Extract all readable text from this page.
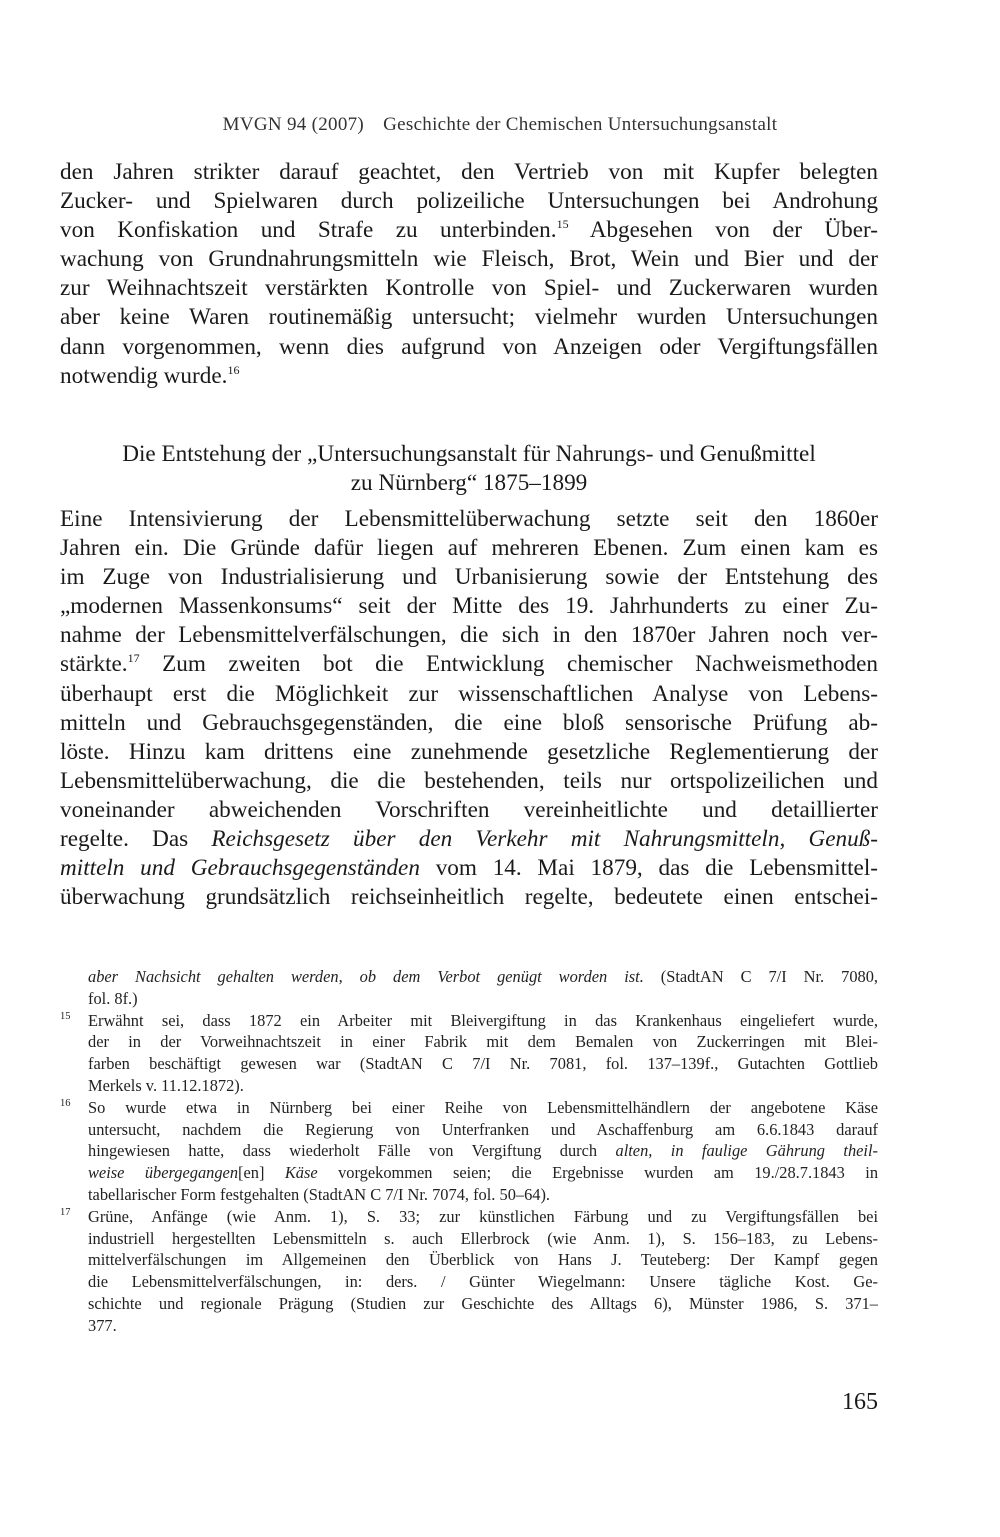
MVGN 94 (2007) Geschichte der Chemischen Untersuchungsanstalt
den Jahren strikter darauf geachtet, den Vertrieb von mit Kupfer belegten
Zucker- und Spielwaren durch polizeiliche Untersuchungen bei Androhung
von Konfiskation und Strafe zu unterbinden.$^{15}$ Abgesehen von der Über-
wachung von Grundnahrungsmitteln wie Fleisch, Brot, Wein und Bier und der
zur Weihnachtszeit verstärkten Kontrolle von Spiel- und Zuckerwaren wurden
aber keine Waren routinemäßig untersucht; vielmehr wurden Untersuchungen
dann vorgenommen, wenn dies aufgrund von Anzeigen oder Vergiftungsfällen
notwendig wurde.$^{16}$
Die Entstehung der „Untersuchungsanstalt für Nahrungs- und Genußmittel
zu Nürnberg“ 1875–1899
Eine Intensivierung der Lebensmittelüberwachung setzte seit den 1860er
Jahren ein. Die Gründe dafür liegen auf mehreren Ebenen. Zum einen kam es
im Zuge von Industrialisierung und Urbanisierung sowie der Entstehung des
„modernen Massenkonsums“ seit der Mitte des 19. Jahrhunderts zu einer Zu-
nahme der Lebensmittelverfälschungen, die sich in den 1870er Jahren noch ver-
stärkte.$^{17}$ Zum zweiten bot die Entwicklung chemischer Nachweismethoden
überhaupt erst die Möglichkeit zur wissenschaftlichen Analyse von Lebens-
mitteln und Gebrauchsgegenständen, die eine bloß sensorische Prüfung ab-
löste. Hinzu kam drittens eine zunehmende gesetzliche Reglementierung der
Lebensmittelüberwachung, die die bestehenden, teils nur ortspolizeilichen und
voneinander abweichenden Vorschriften vereinheitlichte und detaillierter
regelte. Das Reichsgesetz über den Verkehr mit Nahrungsmitteln, Genuß-
mitteln und Gebrauchsgegenständen vom 14. Mai 1879, das die Lebensmittel-
überwachung grundsätzlich reichseinheitlich regelte, bedeutete einen entschei-
aber Nachsicht gehalten werden, ob dem Verbot genügt worden ist. (StadtAN C 7/I Nr. 7080,
fol. 8f.)
15 Erwähnt sei, dass 1872 ein Arbeiter mit Bleivergiftung in das Krankenhaus eingeliefert wurde,
der in der Vorweihnachtszeit in einer Fabrik mit dem Bemalen von Zuckerringen mit Blei-
farben beschäftigt gewesen war (StadtAN C 7/I Nr. 7081, fol. 137–139f., Gutachten Gottlieb
Merkels v. 11.12.1872).
16 So wurde etwa in Nürnberg bei einer Reihe von Lebensmittelhändlern der angebotene Käse
untersucht, nachdem die Regierung von Unterfranken und Aschaffenburg am 6.6.1843 darauf
hingewiesen hatte, dass wiederholt Fälle von Vergiftung durch alten, in faulige Gährung theil-
weise übergegangen[en] Käse vorgekommen seien; die Ergebnisse wurden am 19./28.7.1843 in
tabellarischer Form festgehalten (StadtAN C 7/I Nr. 7074, fol. 50–64).
17 Grüne, Anfänge (wie Anm. 1), S. 33; zur künstlichen Färbung und zu Vergiftungsfällen bei
industriell hergestellten Lebensmitteln s. auch Ellerbrock (wie Anm. 1), S. 156–183, zu Lebens-
mittelverfälschungen im Allgemeinen den Überblick von Hans J. Teuteberg: Der Kampf gegen
die Lebensmittelverfälschungen, in: ders. / Günter Wiegelmann: Unsere tägliche Kost. Ge-
schichte und regionale Prägung (Studien zur Geschichte des Alltags 6), Münster 1986, S. 371–
377.
165
